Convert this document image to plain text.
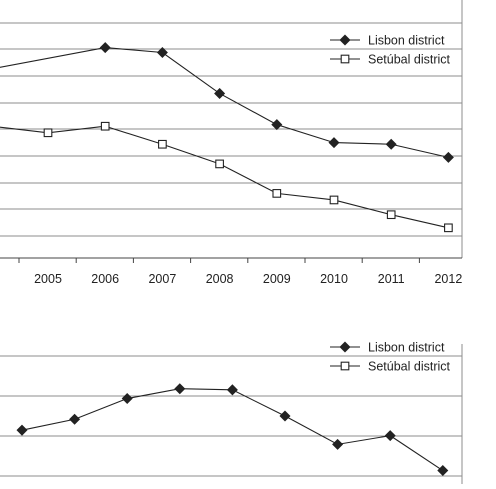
2005 2006 2007 2008 2009 2010 2011 2012
Lisbon district
Setúbal district
Lisbon district
Setúbal district
